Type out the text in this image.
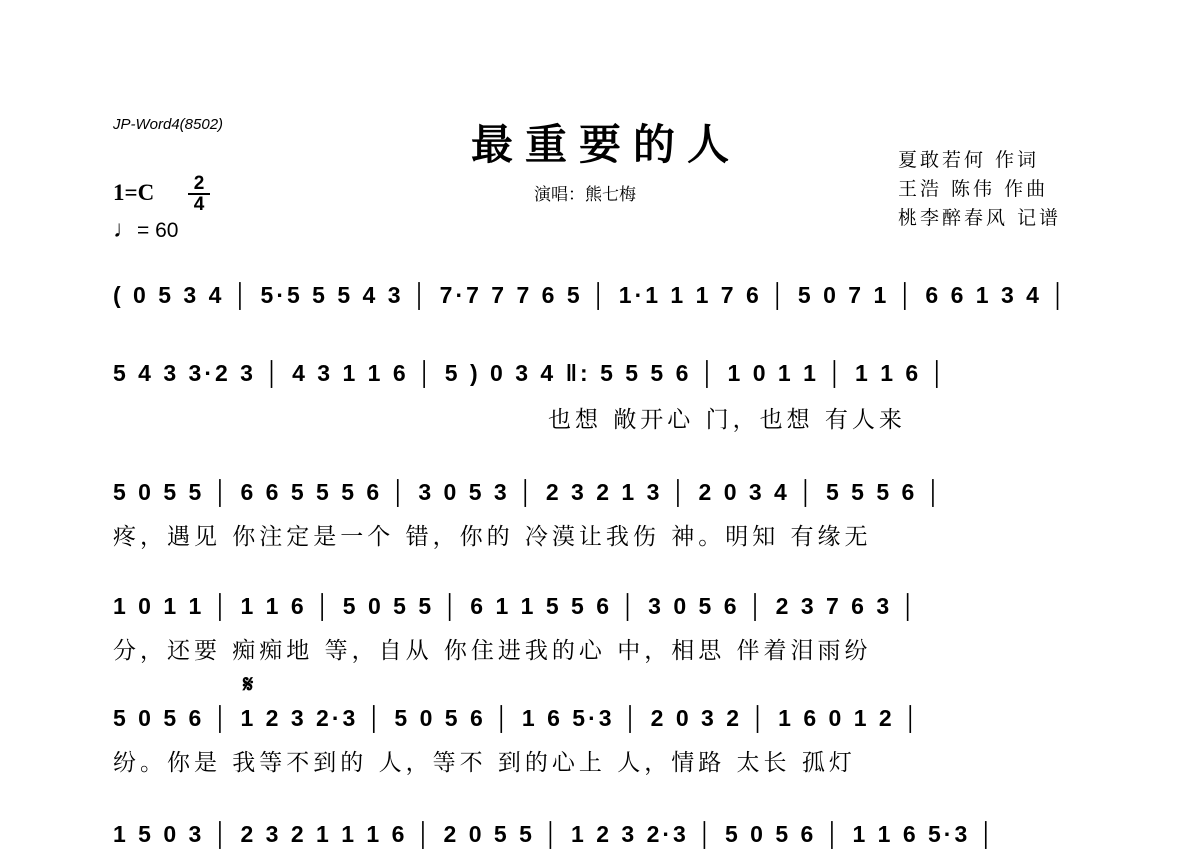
JP-Word4(8502)	最重要的人
演唱：熊七梅
夏敢若何 作词
王浩 陈伟 作曲
桃李醉春风 记谱
$1=C \frac{2}{4}$
♩= 60
( 0 5 3 4 │ 5·5 5 5 4 3 │ 7·7 7 7 6 5 │ 1·1 1 1 7 6 │ 5 0 7 1 │ 6 6 1 3 4 │
5 4 3 3·2 3 │ 4 3 1 1 6 │ 5 ) 0 3 4 ‖: 5 5 5 6 │ 1 0 1 1 │ 1 1 6 │
也想 敞开心 门，也想 有人来
5 0 5 5 │ 6 6 5 5 5 6 │ 3 0 5 3 │ 2 3 2 1 3 │ 2 0 3 4 │ 5 5 5 6 │
疼，遇见 你注定是一个 错，你的 冷漠让我伤 神。明知 有缘无
1 0 1 1 │ 1 1 6 │ 5 0 5 5 │ 6 1 1 5 5 6 │ 3 0 5 6 │ 2 3 7 6 3 │
分，还要 痴痴地 等，自从 你住进我的心 中，相思 伴着泪雨纷
𝄋
5 0 5 6 │ 1 2 3 2·3 │ 5 0 5 6 │ 1 6 5·3 │ 2 0 3 2 │ 1 6 0 1 2 │
纷。你是 我等不到的 人，等不 到的心上 人，情路 太长 孤灯
1 5 0 3 │ 2 3 2 1 1 1 6 │ 2 0 5 5 │ 1 2 3 2·3 │ 5 0 5 6 │ 1 1 6 5·3 │
